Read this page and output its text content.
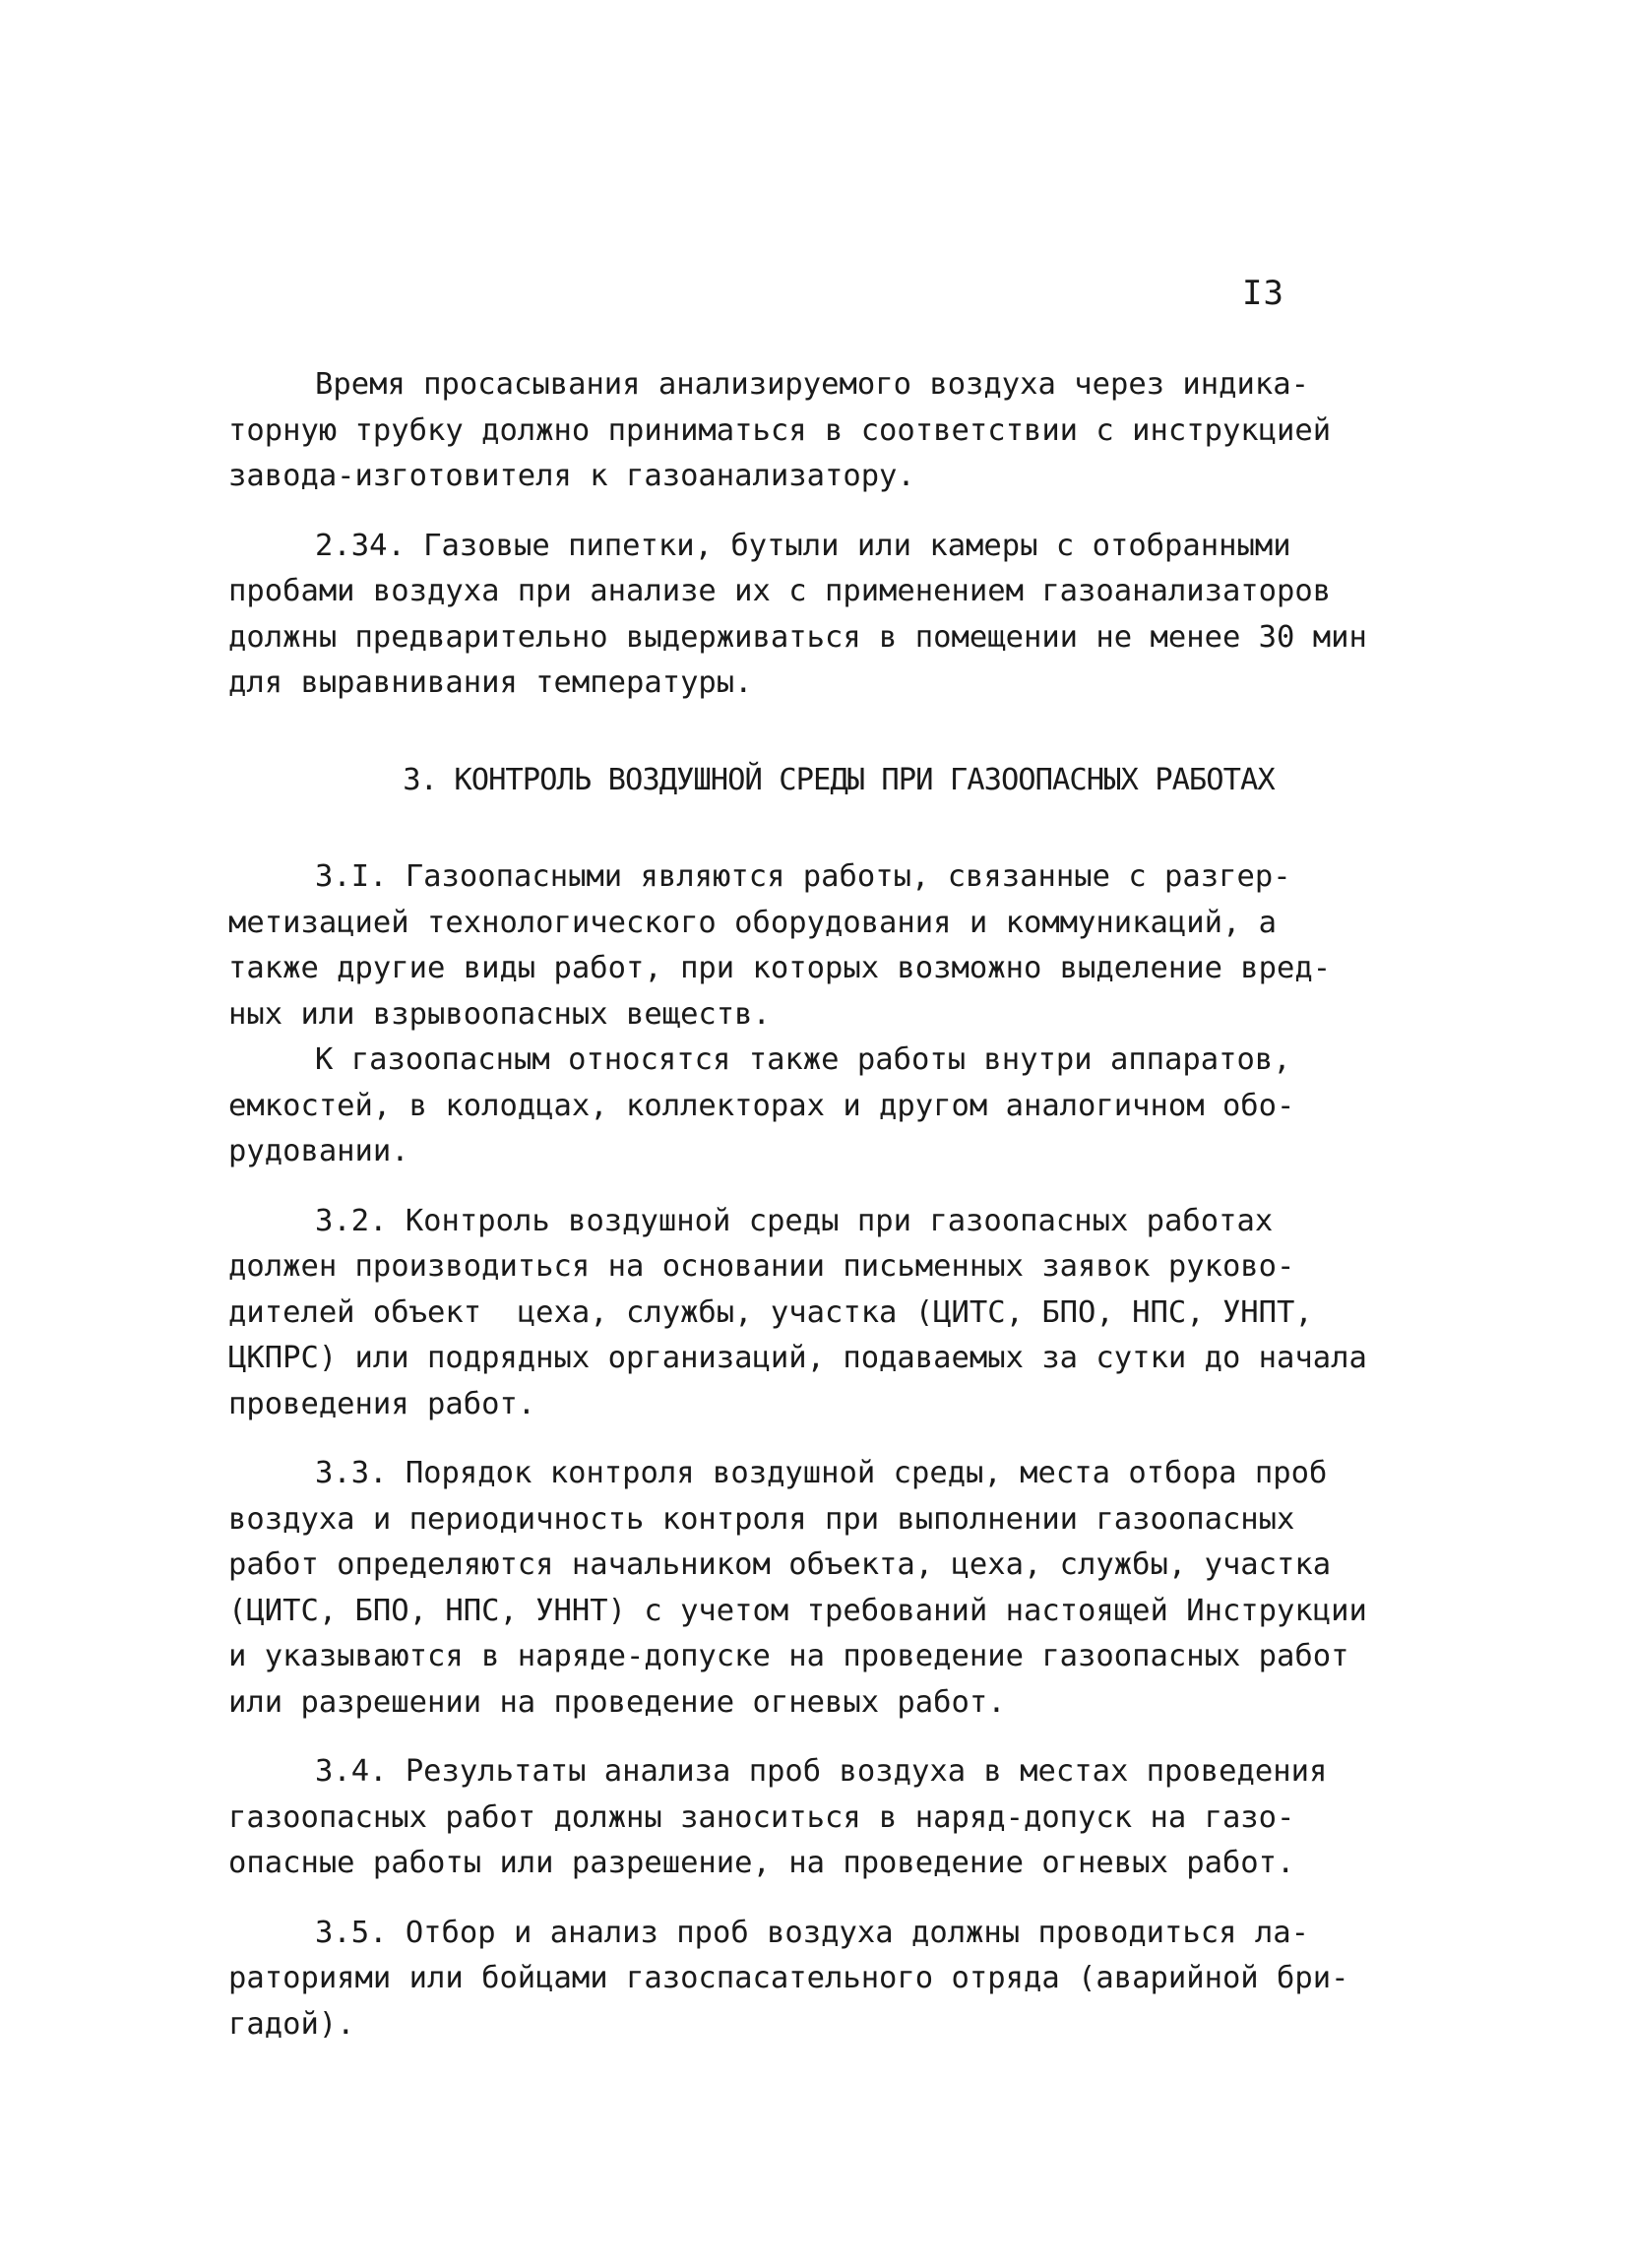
I3
Время просасывания анализируемого воздуха через индика-
торную трубку должно приниматься в соответствии с инструкцией
завода-изготовителя к газоанализатору.
2.34. Газовые пипетки, бутыли или камеры с отобранными
пробами воздуха при анализе их с применением газоанализаторов
должны предварительно выдерживаться в помещении не менее 30 мин
для выравнивания температуры.
3. КОНТРОЛЬ ВОЗДУШНОЙ СРЕДЫ ПРИ ГАЗООПАСНЫХ РАБОТАХ
3.I. Газоопасными являются работы, связанные с разгер-
метизацией технологического оборудования и коммуникаций, а
также другие виды работ, при которых возможно выделение вред-
ных или взрывоопасных веществ.
К газоопасным относятся также работы внутри аппаратов,
емкостей, в колодцах, коллекторах и другом аналогичном обо-
рудовании.
3.2. Контроль воздушной среды при газоопасных работах
должен производиться на основании письменных заявок руково-
дителей объект  цеха, службы, участка (ЦИТС, БПО, НПС, УНПТ,
ЦКПРС) или подрядных организаций, подаваемых за сутки до начала
проведения работ.
3.3. Порядок контроля воздушной среды, места отбора проб
воздуха и периодичность контроля при выполнении газоопасных
работ определяются начальником объекта, цеха, службы, участка
(ЦИТС, БПО, НПС, УННТ) с учетом требований настоящей Инструкции
и указываются в наряде-допуске на проведение газоопасных работ
или разрешении на проведение огневых работ.
3.4. Результаты анализа проб воздуха в местах проведения
газоопасных работ должны заноситься в наряд-допуск на газо-
опасные работы или разрешение, на проведение огневых работ.
3.5. Отбор и анализ проб воздуха должны проводиться ла-
раториями или бойцами газоспасательного отряда (аварийной бри-
гадой).
